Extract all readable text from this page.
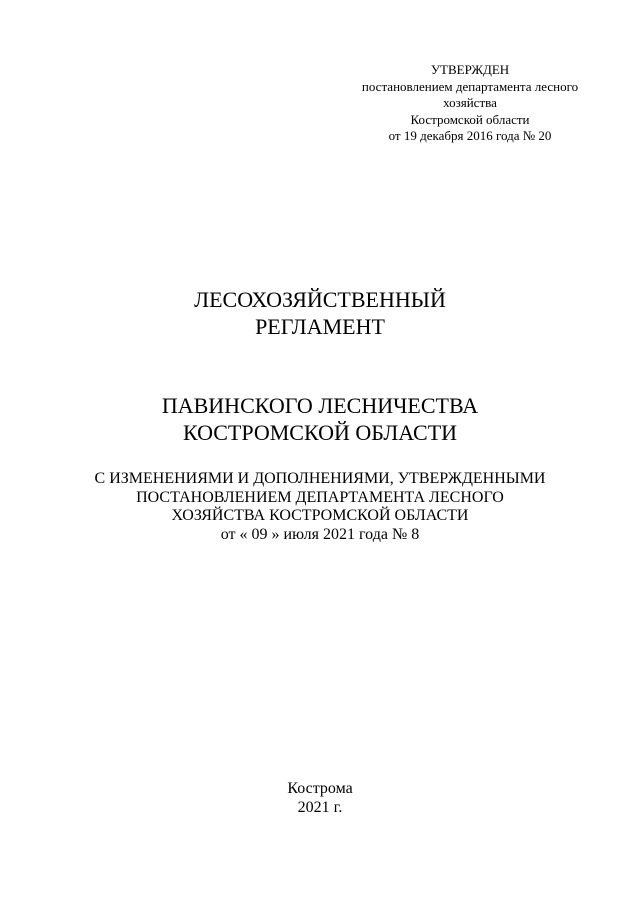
УТВЕРЖДЕН
постановлением департамента лесного
хозяйства
Костромской области
от 19 декабря 2016 года № 20
ЛЕСОХОЗЯЙСТВЕННЫЙ
РЕГЛАМЕНТ
ПАВИНСКОГО ЛЕСНИЧЕСТВА
КОСТРОМСКОЙ ОБЛАСТИ
С ИЗМЕНЕНИЯМИ И ДОПОЛНЕНИЯМИ, УТВЕРЖДЕННЫМИ
ПОСТАНОВЛЕНИЕМ ДЕПАРТАМЕНТА ЛЕСНОГО
ХОЗЯЙСТВА КОСТРОМСКОЙ ОБЛАСТИ
от « 09 » июля 2021 года № 8
Кострома
2021 г.
